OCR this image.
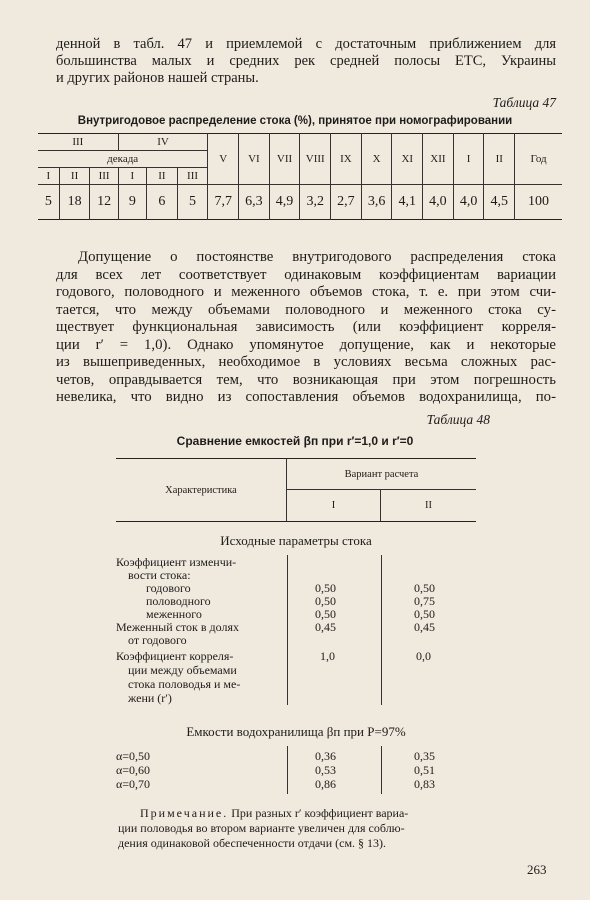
денной в табл. 47 и приемлемой с достаточным приближением для
большинства малых и средних рек средней полосы ЕТС, Украины
и других районов нашей страны.
Таблица 47
Внутригодовое распределение стока (%), принятое при номографировании
III			IV			V	VI	VII	VIII	IX	X	XI	XII	I	II	Год
декада																
I	II	III	I	II	III											
5	18	12	9	6	5	7,7	6,3	4,9	3,2	2,7	3,6	4,1	4,0	4,0	4,5	100
Допущение о постоянстве внутригодового распределения стока
для всех лет соответствует одинаковым коэффициентам вариации
годового, половодного и меженного объемов стока, т. е. при этом счи-
тается, что между объемами половодного и меженного стока су-
ществует функциональная зависимость (или коэффициент корреля-
ции r′ = 1,0). Однако упомянутое допущение, как и некоторые
из вышеприведенных, необходимое в условиях весьма сложных рас-
четов, оправдывается тем, что возникающая при этом погрешность
невелика, что видно из сопоставления объемов водохранилища, по-
Таблица 48
Сравнение емкостей βп при r′=1,0 и r′=0
Характеристика
Вариант расчета
I	II
Исходные параметры стока
Коэффициент изменчи-
вости стока:
годового	0,50	0,50
половодного	0,50	0,75
меженного	0,50	0,50
Меженный сток в долях	0,45	0,45
от годового
Коэффициент корреля-	1,0	0,0
ции между объемами
стока половодья и ме-
жени (r′)
Емкости водохранилища βп при P=97%
α=0,50	0,36	0,35
α=0,60	0,53	0,51
α=0,70	0,86	0,83
Примечание. При разных r′ коэффициент вариа-
ции половодья во втором варианте увеличен для соблю-
дения одинаковой обеспеченности отдачи (см. § 13).
263
